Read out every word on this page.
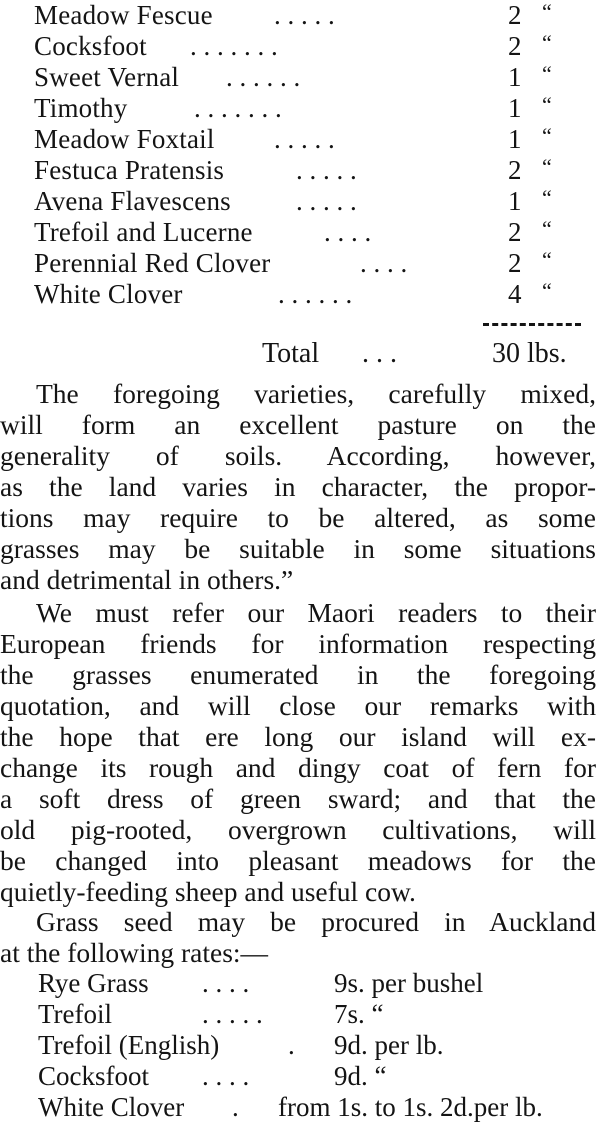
Meadow Fescue . . . . .	2 “
Cocksfoot . . . . . . .	2 “
Sweet Vernal . . . . . .	1 “
Timothy . . . . . . .	1 “
Meadow Foxtail . . . . .	1 “
Festuca Pratensis	. . . . .	2 “
Avena Flavescens . . . . .	1 “
Trefoil and Lucerne	. . . .	2 “
Perennial Red Clover	. . . .	2 “
White Clover	. . . . . .	4 “
Total . . .	30 lbs.
The foregoing varieties, carefully mixed,
will form an excellent pasture on the
generality of soils. According, however,
as the land varies in character, the propor-
tions may require to be altered, as some
grasses may be suitable in some situations
and detrimental in others.”
We must refer our Maori readers to their
European friends for information respecting
the grasses enumerated in the foregoing
quotation, and will close our remarks with
the hope that ere long our island will ex-
change its rough and dingy coat of fern for
a soft dress of green sward; and that the
old pig-rooted, overgrown cultivations, will
be changed into pleasant meadows for the
quietly-feeding sheep and useful cow.
Grass seed may be procured in Auckland
at the following rates:—
Rye Grass . . . .	9s. per bushel
Trefoil	. . . . .	7s. “
Trefoil (English)	. 9d. per lb.
Cocksfoot . . . .	9d. “
White Clover . from 1s. to 1s. 2d.per lb.
